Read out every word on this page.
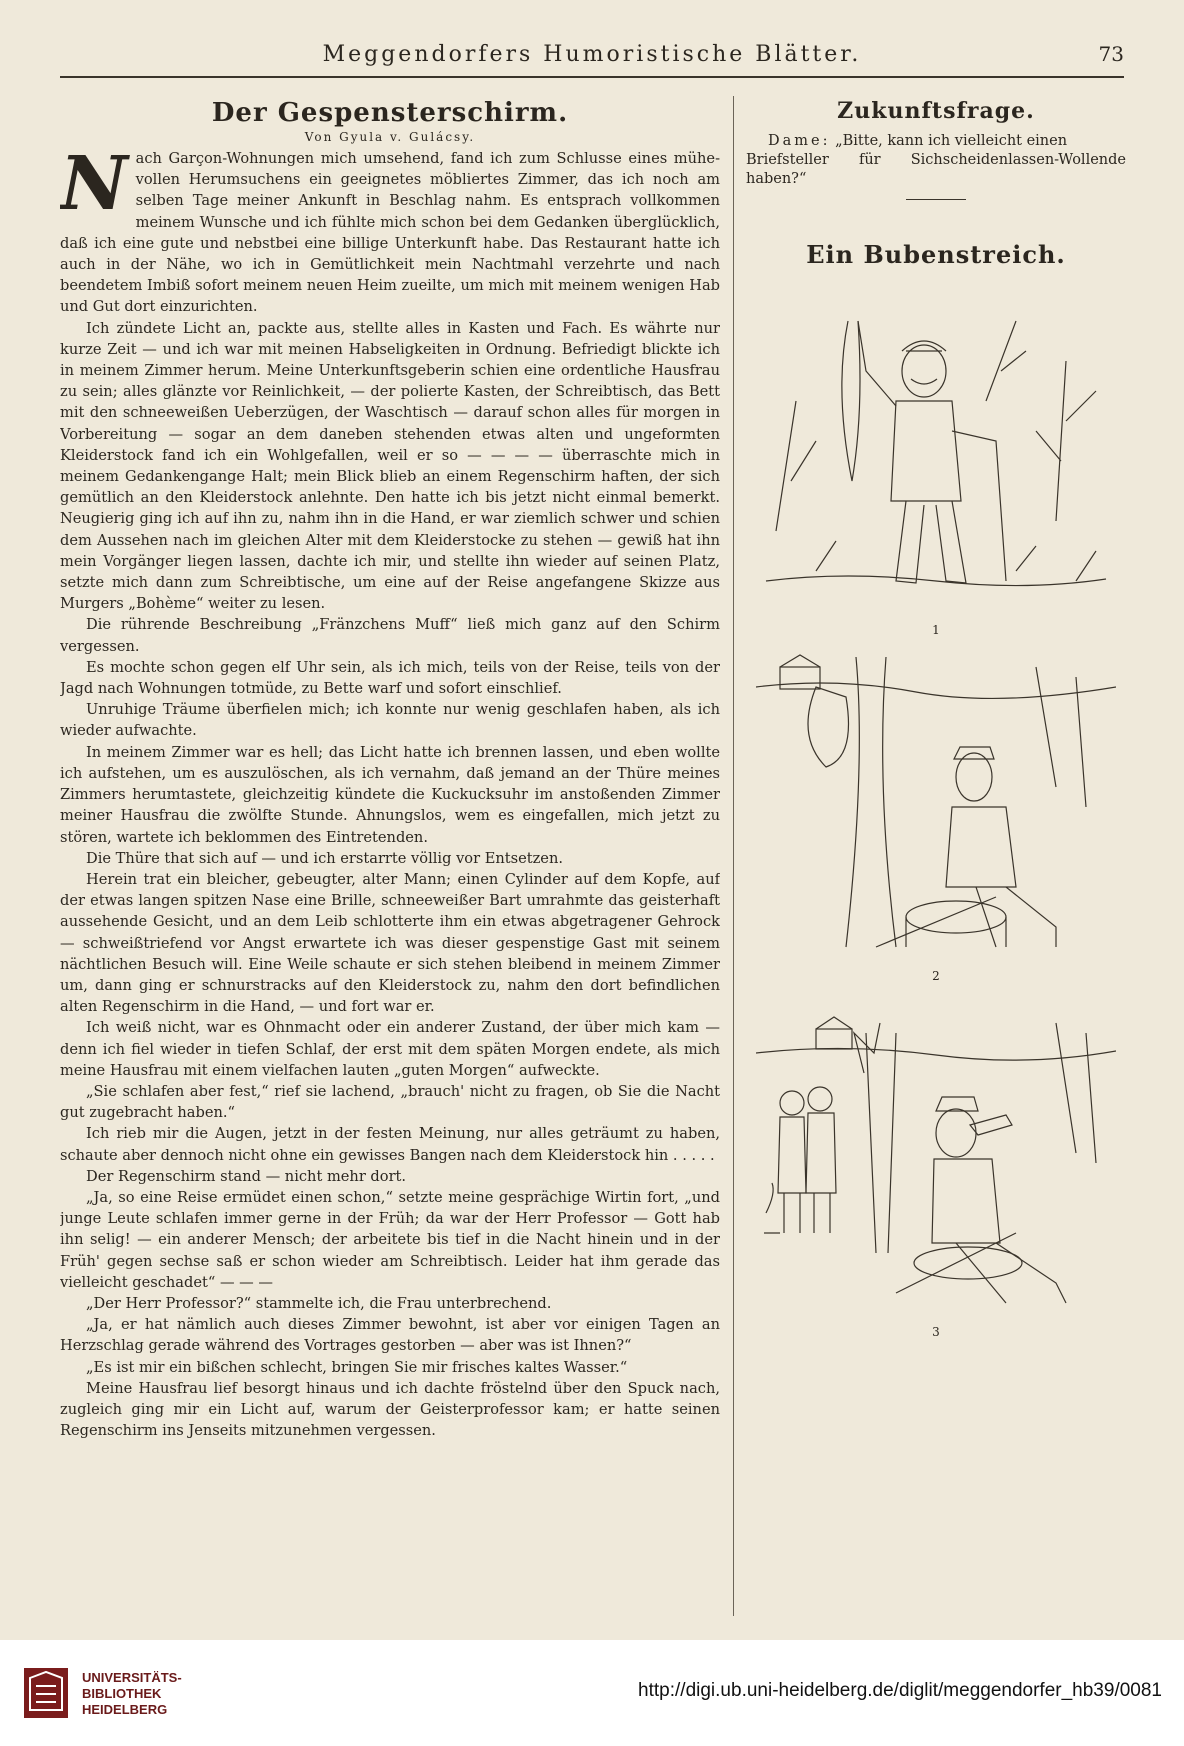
Meggendorfers Humoristische Blätter.	73
Der Gespensterschirm.
Von Gyula v. Gulácsy.

Nach Garçon-Wohnungen mich umsehend, fand ich zum Schlusse eines mühevollen Herumsuchens ein geeignetes möbliertes Zimmer, das ich noch am selben Tage meiner Ankunft in Beschlag nahm. Es entsprach vollkommen meinem Wunsche und ich fühlte mich schon bei dem Gedanken überglücklich, daß ich eine gute und nebstbei eine billige Unterkunft habe. Das Restaurant hatte ich auch in der Nähe, wo ich in Gemütlichkeit mein Nachtmahl verzehrte und nach beendetem Imbiß sofort meinem neuen Heim zueilte, um mich mit meinem wenigen Hab und Gut dort einzurichten.

Ich zündete Licht an, packte aus, stellte alles in Kasten und Fach. Es währte nur kurze Zeit — und ich war mit meinen Habseligkeiten in Ordnung. Befriedigt blickte ich in meinem Zimmer herum. Meine Unterkunftsgeberin schien eine ordentliche Hausfrau zu sein; alles glänzte vor Reinlichkeit, — der polierte Kasten, der Schreibtisch, das Bett mit den schneeweißen Ueberzügen, der Waschtisch — darauf schon alles für morgen in Vorbereitung — sogar an dem daneben stehenden etwas alten und ungeformten Kleiderstock fand ich ein Wohlgefallen, weil er so — — — — überraschte mich in meinem Gedankengange Halt; mein Blick blieb an einem Regenschirm haften, der sich gemütlich an den Kleiderstock anlehnte. Den hatte ich bis jetzt nicht einmal bemerkt. Neugierig ging ich auf ihn zu, nahm ihn in die Hand, er war ziemlich schwer und schien dem Aussehen nach im gleichen Alter mit dem Kleiderstocke zu stehen — gewiß hat ihn mein Vorgänger liegen lassen, dachte ich mir, und stellte ihn wieder auf seinen Platz, setzte mich dann zum Schreibtische, um eine auf der Reise angefangene Skizze aus Murgers „Bohème“ weiter zu lesen.

Die rührende Beschreibung „Fränzchens Muff“ ließ mich ganz auf den Schirm vergessen.

Es mochte schon gegen elf Uhr sein, als ich mich, teils von der Reise, teils von der Jagd nach Wohnungen totmüde, zu Bette warf und sofort einschlief.

Unruhige Träume überfielen mich; ich konnte nur wenig geschlafen haben, als ich wieder aufwachte.

In meinem Zimmer war es hell; das Licht hatte ich brennen lassen, und eben wollte ich aufstehen, um es auszulöschen, als ich vernahm, daß jemand an der Thüre meines Zimmers herumtastete, gleichzeitig kündete die Kuckucksuhr im anstoßenden Zimmer meiner Hausfrau die zwölfte Stunde. Ahnungslos, wem es eingefallen, mich jetzt zu stören, wartete ich beklommen des Eintretenden.

Die Thüre that sich auf — und ich erstarrte völlig vor Entsetzen.

Herein trat ein bleicher, gebeugter, alter Mann; einen Cylinder auf dem Kopfe, auf der etwas langen spitzen Nase eine Brille, schneeweißer Bart umrahmte das geisterhaft aussehende Gesicht, und an dem Leib schlotterte ihm ein etwas abgetragener Gehrock — schweißtriefend vor Angst erwartete ich was dieser gespenstige Gast mit seinem nächtlichen Besuch will. Eine Weile schaute er sich stehen bleibend in meinem Zimmer um, dann ging er schnurstracks auf den Kleiderstock zu, nahm den dort befindlichen alten Regenschirm in die Hand, — und fort war er.

Ich weiß nicht, war es Ohnmacht oder ein anderer Zustand, der über mich kam — denn ich fiel wieder in tiefen Schlaf, der erst mit dem späten Morgen endete, als mich meine Hausfrau mit einem vielfachen lauten „guten Morgen“ aufweckte.

„Sie schlafen aber fest,“ rief sie lachend, „brauch' nicht zu fragen, ob Sie die Nacht gut zugebracht haben.“

Ich rieb mir die Augen, jetzt in der festen Meinung, nur alles geträumt zu haben, schaute aber dennoch nicht ohne ein gewisses Bangen nach dem Kleiderstock hin . . . . .

Der Regenschirm stand — nicht mehr dort.

„Ja, so eine Reise ermüdet einen schon,“ setzte meine gesprächige Wirtin fort, „und junge Leute schlafen immer gerne in der Früh; da war der Herr Professor — Gott hab ihn selig! — ein anderer Mensch; der arbeitete bis tief in die Nacht hinein und in der Früh' gegen sechse saß er schon wieder am Schreibtisch. Leider hat ihm gerade das vielleicht geschadet“ — — —

„Der Herr Professor?“ stammelte ich, die Frau unterbrechend.

„Ja, er hat nämlich auch dieses Zimmer bewohnt, ist aber vor einigen Tagen an Herzschlag gerade während des Vortrages gestorben — aber was ist Ihnen?“

„Es ist mir ein bißchen schlecht, bringen Sie mir frisches kaltes Wasser.“

Meine Hausfrau lief besorgt hinaus und ich dachte fröstelnd über den Spuck nach, zugleich ging mir ein Licht auf, warum der Geisterprofessor kam; er hatte seinen Regenschirm ins Jenseits mitzunehmen vergessen.

Zukunftsfrage.

Dame: „Bitte, kann ich vielleicht einen
Briefsteller für Sichscheidenlassen-Wollende haben?“

Ein Bubenstreich.
1
2
3
UNIVERSITÄTS-
BIBLIOTHEK
HEIDELBERG
http://digi.ub.uni-heidelberg.de/diglit/meggendorfer_hb39/0081
